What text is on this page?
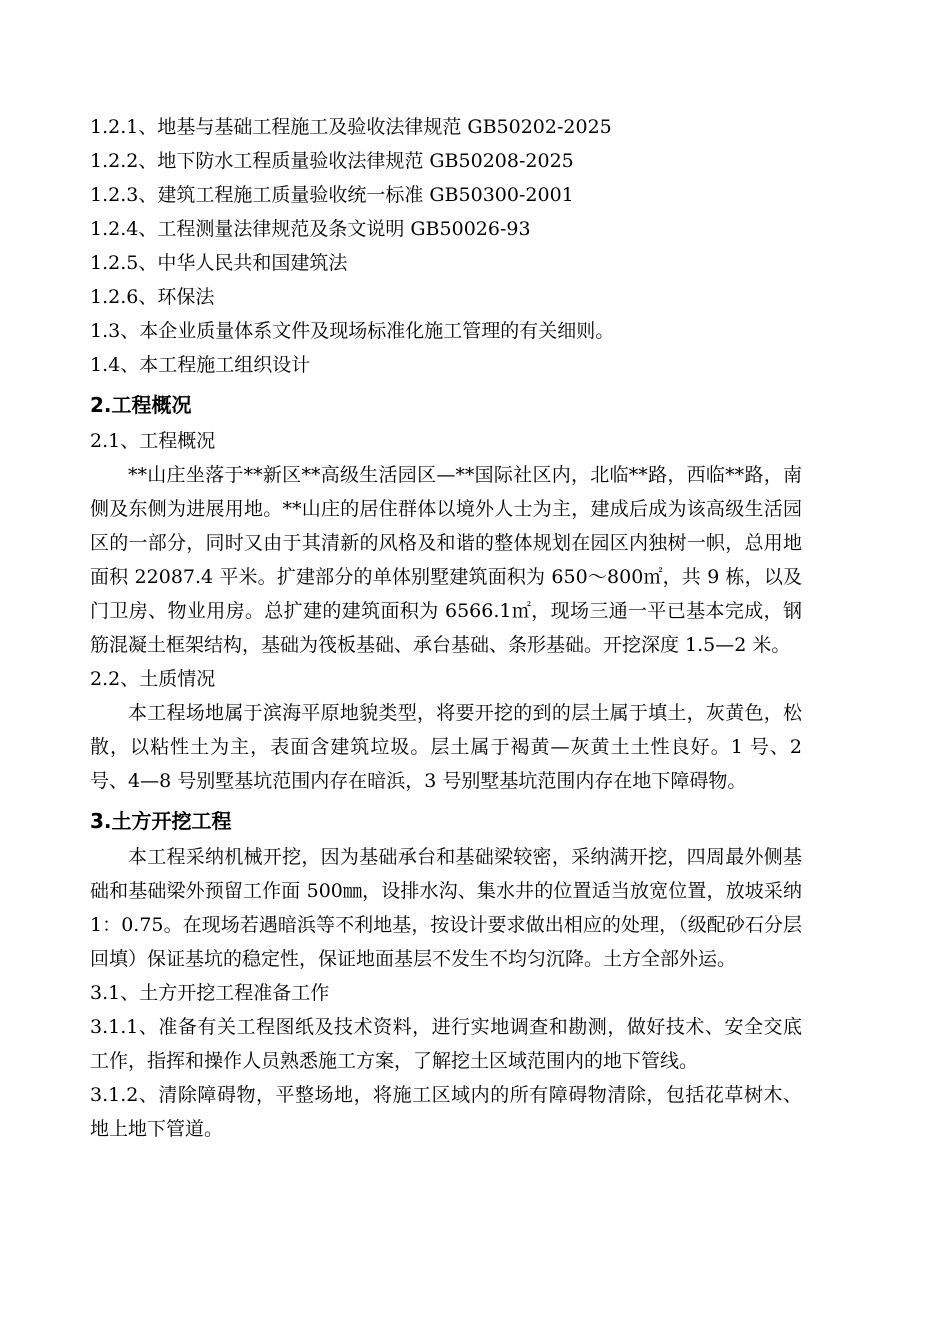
1.2.1、地基与基础工程施工及验收法律规范 GB50202-2025
1.2.2、地下防水工程质量验收法律规范 GB50208-2025
1.2.3、建筑工程施工质量验收统一标准 GB50300-2001
1.2.4、工程测量法律规范及条文说明 GB50026-93
1.2.5、中华人民共和国建筑法
1.2.6、环保法
1.3、本企业质量体系文件及现场标准化施工管理的有关细则。
1.4、本工程施工组织设计
2.工程概况
2.1、工程概况
**山庄坐落于**新区**高级生活园区—**国际社区内，北临**路，西临**路，南侧及东侧为进展用地。**山庄的居住群体以境外人士为主，建成后成为该高级生活园区的一部分，同时又由于其清新的风格及和谐的整体规划在园区内独树一帜，总用地面积 22087.4 平米。扩建部分的单体别墅建筑面积为 650～800㎡，共 9 栋，以及门卫房、物业用房。总扩建的建筑面积为 6566.1㎡，现场三通一平已基本完成，钢筋混凝土框架结构，基础为筏板基础、承台基础、条形基础。开挖深度 1.5—2 米。
2.2、土质情况
本工程场地属于滨海平原地貌类型，将要开挖的到的层土属于填土，灰黄色，松散，以粘性土为主，表面含建筑垃圾。层土属于褐黄—灰黄土土性良好。1 号、2 号、4—8 号别墅基坑范围内存在暗浜，3 号别墅基坑范围内存在地下障碍物。
3.土方开挖工程
本工程采纳机械开挖，因为基础承台和基础梁较密，采纳满开挖，四周最外侧基础和基础梁外预留工作面 500㎜，设排水沟、集水井的位置适当放宽位置，放坡采纳 1：0.75。在现场若遇暗浜等不利地基，按设计要求做出相应的处理，（级配砂石分层回填）保证基坑的稳定性，保证地面基层不发生不均匀沉降。土方全部外运。
3.1、土方开挖工程准备工作
3.1.1、准备有关工程图纸及技术资料，进行实地调查和勘测，做好技术、安全交底工作，指挥和操作人员熟悉施工方案，了解挖土区域范围内的地下管线。
3.1.2、清除障碍物，平整场地，将施工区域内的所有障碍物清除，包括花草树木、地上地下管道。
